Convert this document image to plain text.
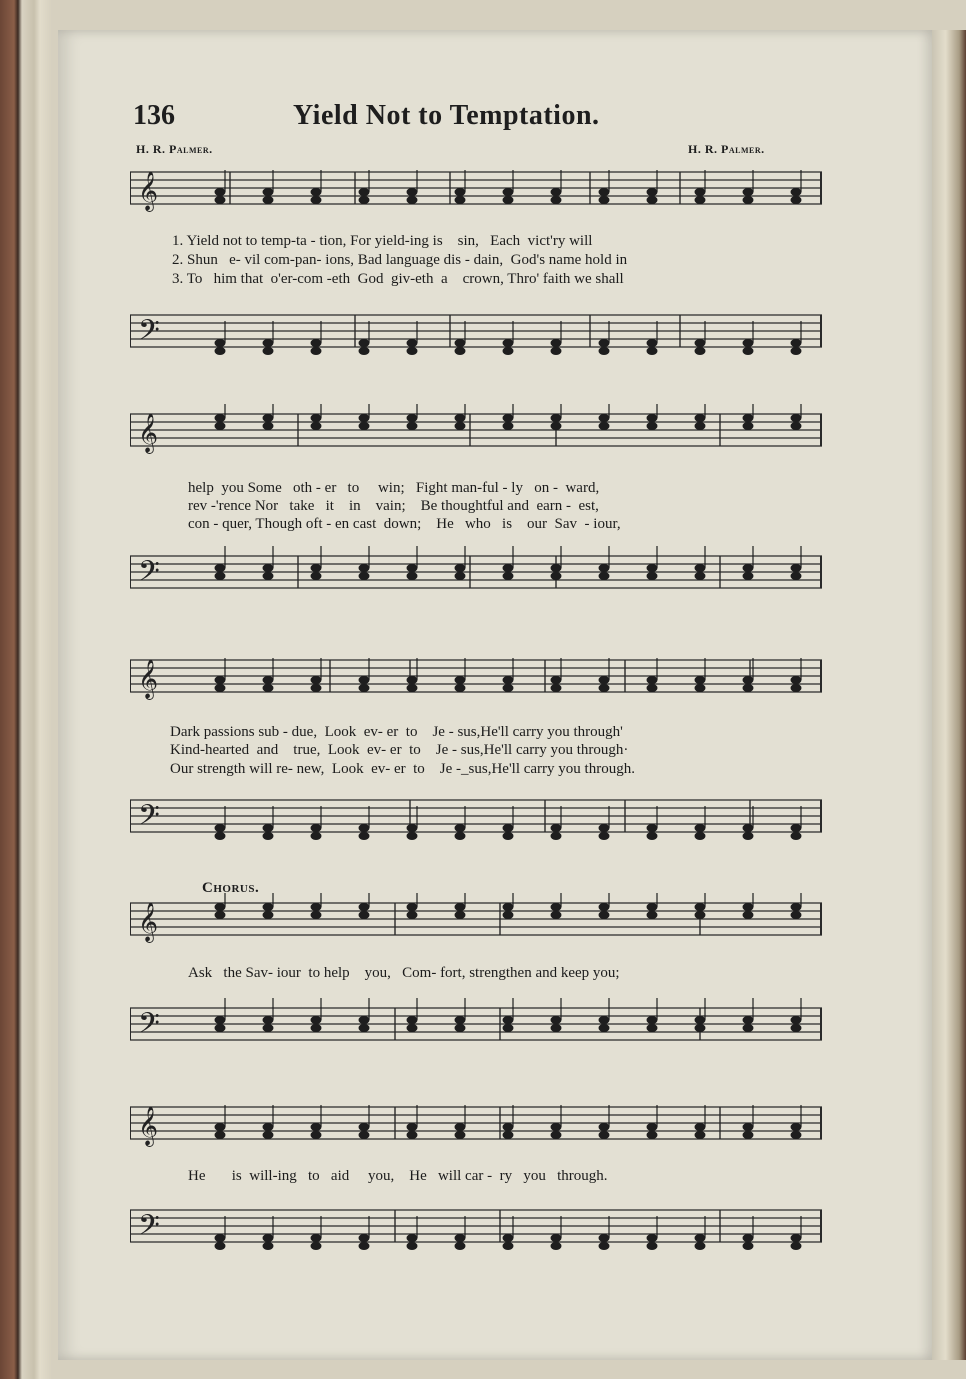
136	Yield Not to Temptation.
H. R. Palmer.	H. R. Palmer.
𝄞
𝄢
𝄞
𝄢
𝄞
𝄢
𝄞
𝄢
𝄞
𝄢
1. Yield not to temp-ta - tion, For yield-ing is    sin,   Each  vict'ry will
2. Shun   e- vil com-pan- ions, Bad language dis - dain,  God's name hold in
3. To   him that  o'er-com -eth  God  giv-eth  a    crown, Thro' faith we shall
help  you Some   oth - er   to     win;   Fight man-ful - ly   on -  ward,
rev -'rence Nor   take   it    in    vain;    Be thoughtful and  earn -  est,
con - quer, Though oft - en cast  down;    He   who   is    our  Sav  - iour,
Dark passions sub - due,  Look  ev- er  to    Je - sus,He'll carry you through'
Kind-hearted  and    true,  Look  ev- er  to    Je - sus,He'll carry you through·
Our strength will re- new,  Look  ev- er  to    Je -_sus,He'll carry you through.
Chorus.
Ask   the Sav- iour  to help    you,   Com- fort, strengthen and keep you;
He       is  will-ing   to   aid     you,    He   will car -  ry   you   through.
